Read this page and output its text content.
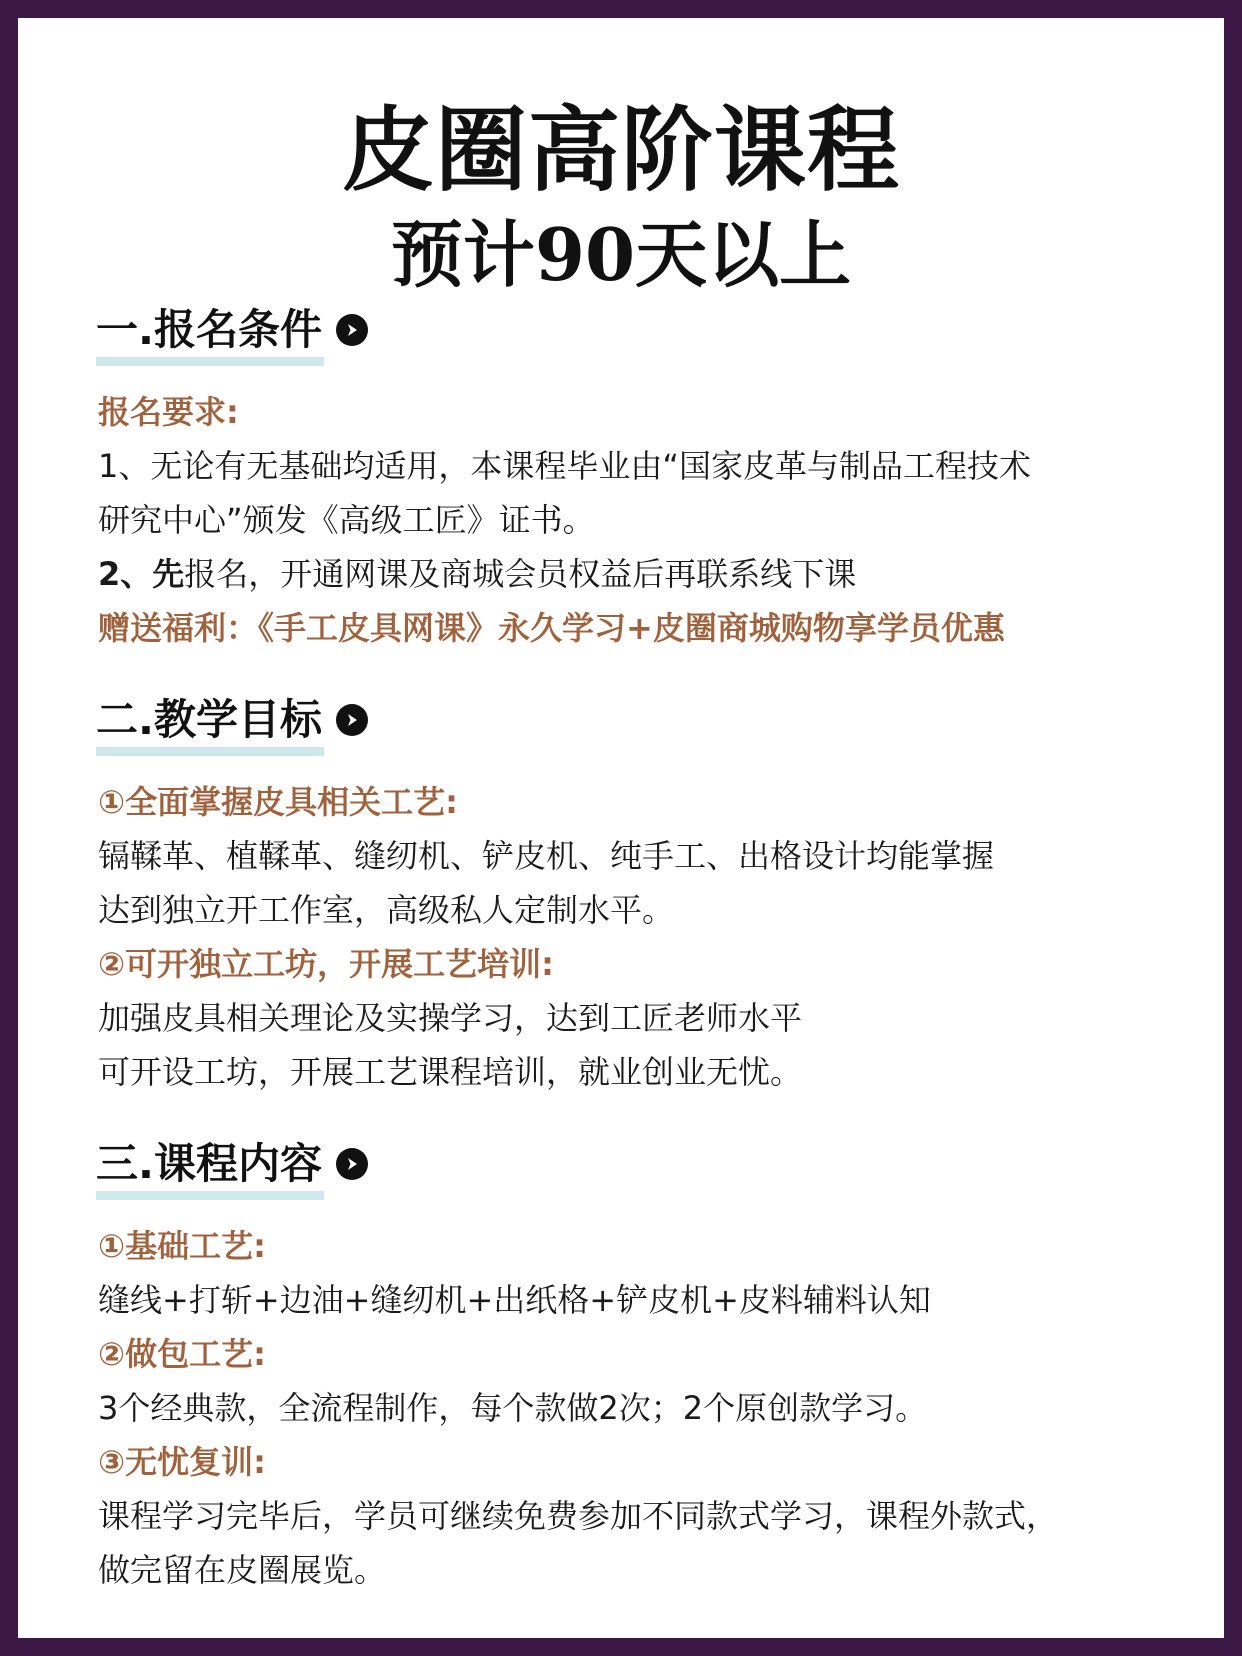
皮圈高阶课程
预计90天以上
一.报名条件
报名要求:
1、无论有无基础均适用，本课程毕业由“国家皮革与制品工程技术
研究中心”颁发《高级工匠》证书。
2、先报名，开通网课及商城会员权益后再联系线下课
赠送福利：《手工皮具网课》永久学习+皮圈商城购物享学员优惠
二.教学目标
①全面掌握皮具相关工艺:
镉鞣革、植鞣革、缝纫机、铲皮机、纯手工、出格设计均能掌握
达到独立开工作室，高级私人定制水平。
②可开独立工坊，开展工艺培训:
加强皮具相关理论及实操学习，达到工匠老师水平
可开设工坊，开展工艺课程培训，就业创业无忧。
三.课程内容
①基础工艺:
缝线+打斩+边油+缝纫机+出纸格+铲皮机+皮料辅料认知
②做包工艺:
3个经典款，全流程制作，每个款做2次；2个原创款学习。
③无忧复训:
课程学习完毕后，学员可继续免费参加不同款式学习，课程外款式，
做完留在皮圈展览。
